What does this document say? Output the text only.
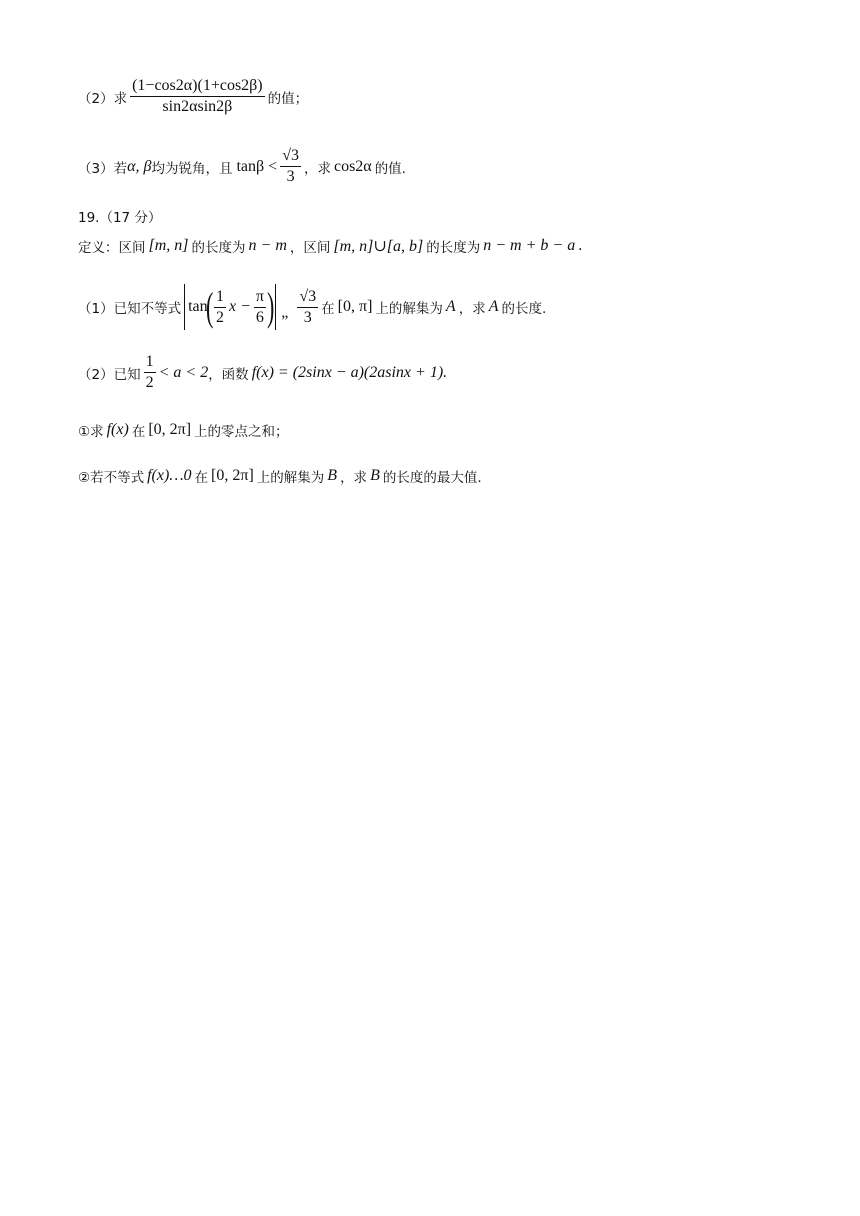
（2）求 $\frac{(1-\cos 2\alpha)(1+\cos 2\beta)}{\sin 2\alpha\sin 2\beta}$ 的值；
（3）若 α, β 均为锐角，且 $\tan\beta < \frac{√3}{3}$ ，求 cos2α 的值.
19.（17 分）
定义：区间 [m, n] 的长度为 n − m ，区间 [m, n]∪[a, b] 的长度为 n − m + b − a .
（1）已知不等式 tan
( $\frac{1}{2}$ $x - \frac{\pi}{6}$ ) „ $\frac{√3}{3}$ 在 [0, π] 上的解集为 A ，求 A 的长度.
（2）已知 $\frac{1}{2} < a < 2$ ，函数 f(x) = (2sinx − a)(2asinx + 1).
①求 f(x) 在 [0, 2π] 上的零点之和；
②若不等式 f(x)…0 在 [0, 2π] 上的解集为 B ，求 B 的长度的最大值.
